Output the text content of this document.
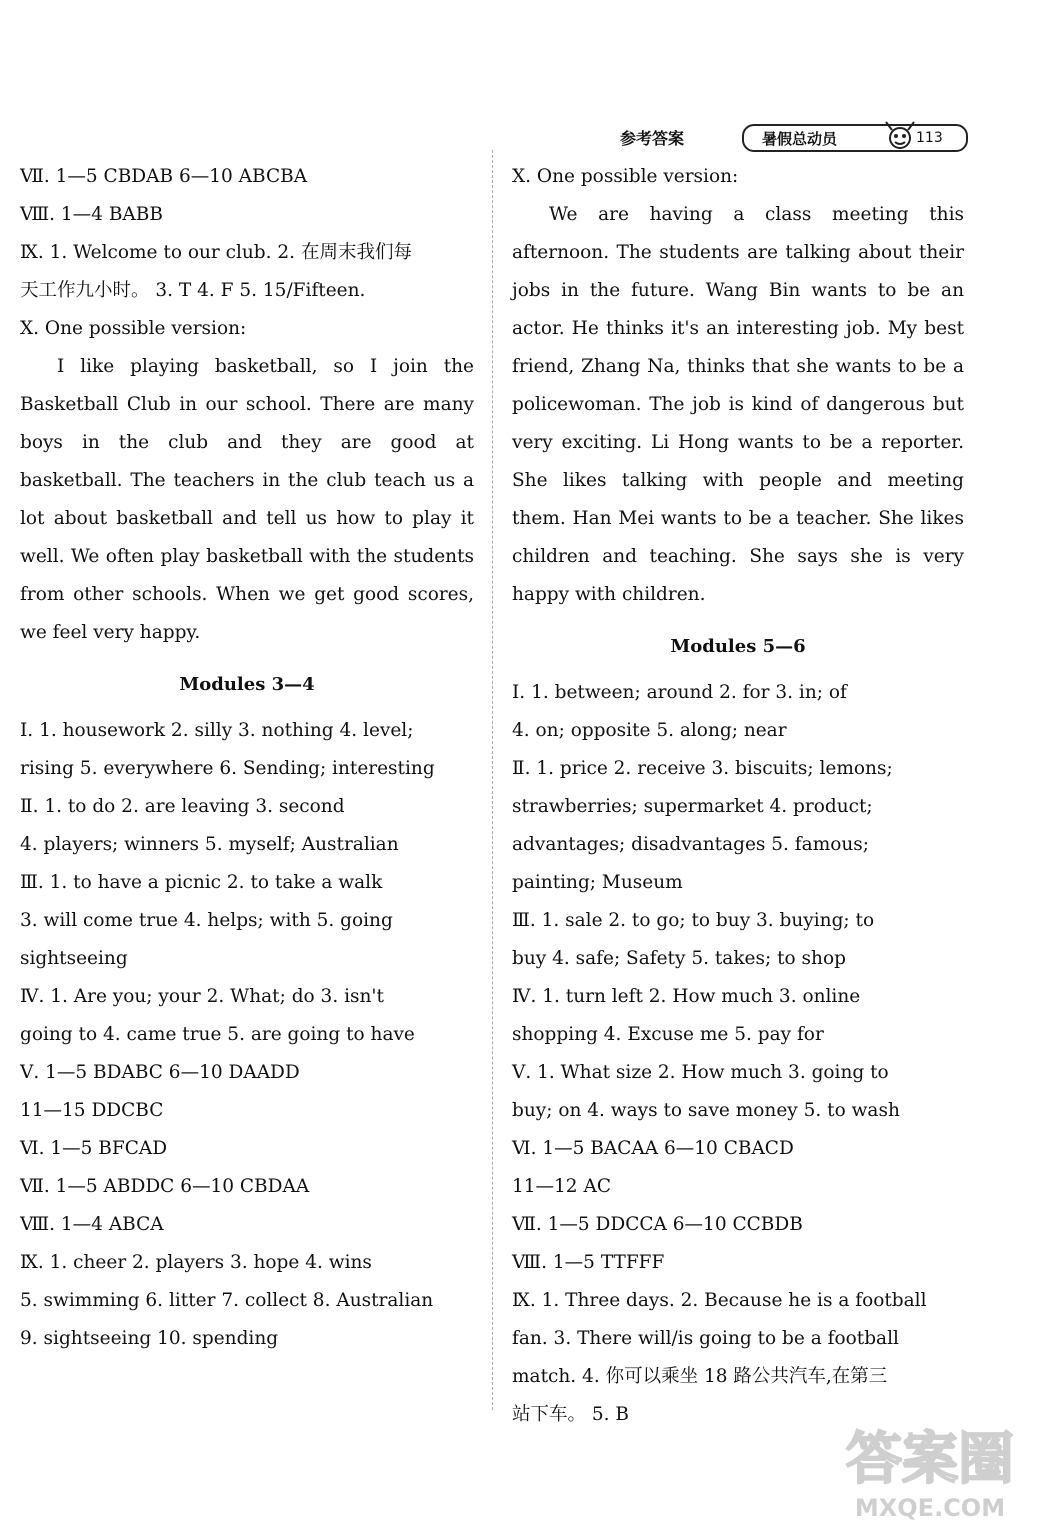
参考答案	暑假总动员	113
Ⅶ. 1—5 CBDAB 6—10 ABCBA
Ⅷ. 1—4 BABB
Ⅸ. 1. Welcome to our club. 2. 在周末我们每
天工作九小时。 3. T 4. F 5. 15/Fifteen.
Ⅹ. One possible version:
I like playing basketball, so I join the Basketball Club in our school. There are many boys in the club and they are good at basketball. The teachers in the club teach us a lot about basketball and tell us how to play it well. We often play basketball with the students from other schools. When we get good scores, we feel very happy.
Modules 3—4
Ⅰ. 1. housework 2. silly 3. nothing 4. level;
rising 5. everywhere 6. Sending; interesting
Ⅱ. 1. to do 2. are leaving 3. second
4. players; winners 5. myself; Australian
Ⅲ. 1. to have a picnic 2. to take a walk
3. will come true 4. helps; with 5. going
sightseeing
Ⅳ. 1. Are you; your 2. What; do 3. isn't
going to 4. came true 5. are going to have
Ⅴ. 1—5 BDABC 6—10 DAADD
11—15 DDCBC
Ⅵ. 1—5 BFCAD
Ⅶ. 1—5 ABDDC 6—10 CBDAA
Ⅷ. 1—4 ABCA
Ⅸ. 1. cheer 2. players 3. hope 4. wins
5. swimming 6. litter 7. collect 8. Australian
9. sightseeing 10. spending
Ⅹ. One possible version:
We are having a class meeting this afternoon. The students are talking about their jobs in the future. Wang Bin wants to be an actor. He thinks it's an interesting job. My best friend, Zhang Na, thinks that she wants to be a policewoman. The job is kind of dangerous but very exciting. Li Hong wants to be a reporter. She likes talking with people and meeting them. Han Mei wants to be a teacher. She likes children and teaching. She says she is very happy with children.
Modules 5—6
Ⅰ. 1. between; around 2. for 3. in; of
4. on; opposite 5. along; near
Ⅱ. 1. price 2. receive 3. biscuits; lemons;
strawberries; supermarket 4. product;
advantages; disadvantages 5. famous;
painting; Museum
Ⅲ. 1. sale 2. to go; to buy 3. buying; to
buy 4. safe; Safety 5. takes; to shop
Ⅳ. 1. turn left 2. How much 3. online
shopping 4. Excuse me 5. pay for
Ⅴ. 1. What size 2. How much 3. going to
buy; on 4. ways to save money 5. to wash
Ⅵ. 1—5 BACAA 6—10 CBACD
11—12 AC
Ⅶ. 1—5 DDCCA 6—10 CCBDB
Ⅷ. 1—5 TTFFF
Ⅸ. 1. Three days. 2. Because he is a football
fan. 3. There will/is going to be a football
match. 4. 你可以乘坐 18 路公共汽车,在第三
站下车。 5. B
答案圈
MXQE.COM
